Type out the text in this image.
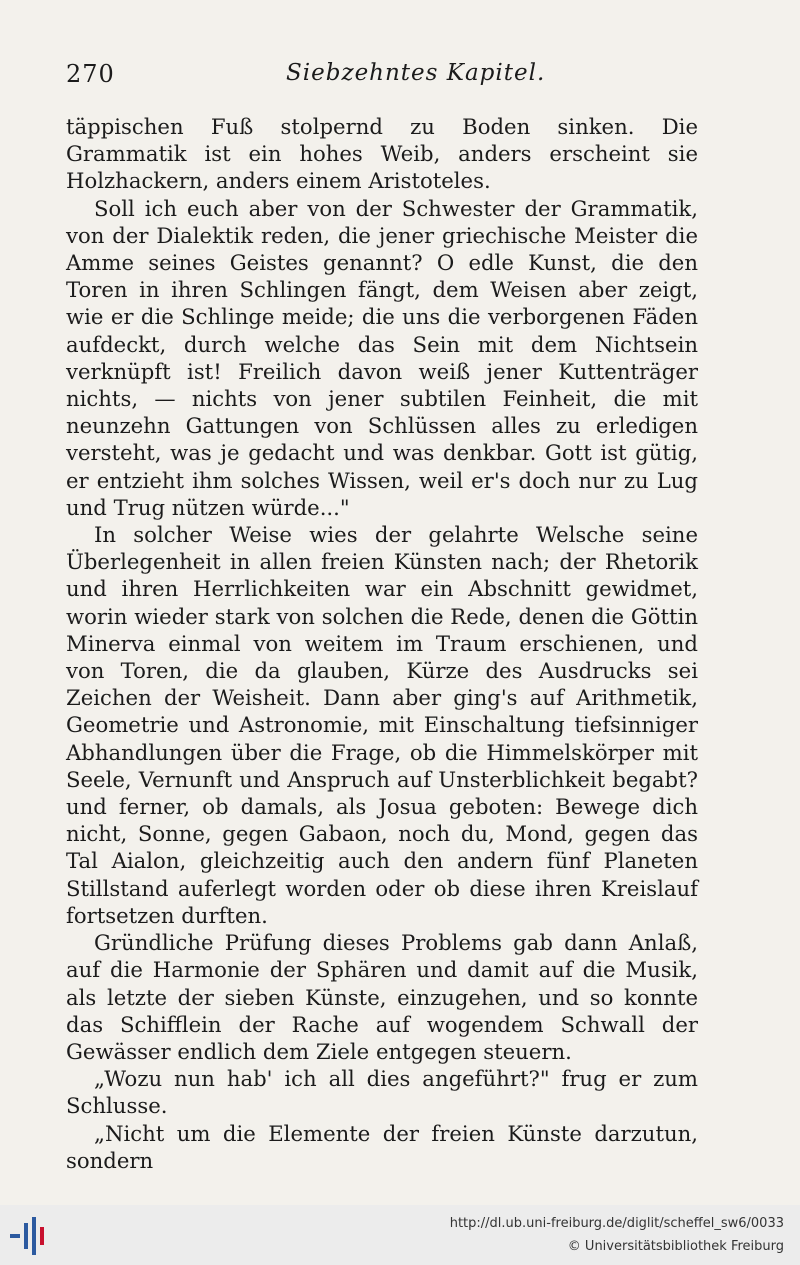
270	Siebzehntes Kapitel.

täppischen Fuß stolpernd zu Boden sinken. Die Grammatik ist ein hohes Weib, anders erscheint sie Holzhackern, anders einem Aristoteles.

Soll ich euch aber von der Schwester der Grammatik, von der Dialektik reden, die jener griechische Meister die Amme seines Geistes genannt? O edle Kunst, die den Toren in ihren Schlingen fängt, dem Weisen aber zeigt, wie er die Schlinge meide; die uns die verborgenen Fäden aufdeckt, durch welche das Sein mit dem Nichtsein verknüpft ist! Freilich davon weiß jener Kuttenträger nichts, — nichts von jener subtilen Feinheit, die mit neunzehn Gattungen von Schlüssen alles zu erledigen versteht, was je gedacht und was denkbar. Gott ist gütig, er entzieht ihm solches Wissen, weil er's doch nur zu Lug und Trug nützen würde..."

In solcher Weise wies der gelahrte Welsche seine Überlegenheit in allen freien Künsten nach; der Rhetorik und ihren Herrlichkeiten war ein Abschnitt gewidmet, worin wieder stark von solchen die Rede, denen die Göttin Minerva einmal von weitem im Traum erschienen, und von Toren, die da glauben, Kürze des Ausdrucks sei Zeichen der Weisheit. Dann aber ging's auf Arithmetik, Geometrie und Astronomie, mit Einschaltung tiefsinniger Abhandlungen über die Frage, ob die Himmelskörper mit Seele, Vernunft und Anspruch auf Unsterblichkeit begabt? und ferner, ob damals, als Josua geboten: Bewege dich nicht, Sonne, gegen Gabaon, noch du, Mond, gegen das Tal Aialon, gleichzeitig auch den andern fünf Planeten Stillstand auferlegt worden oder ob diese ihren Kreislauf fortsetzen durften.

Gründliche Prüfung dieses Problems gab dann Anlaß, auf die Harmonie der Sphären und damit auf die Musik, als letzte der sieben Künste, einzugehen, und so konnte das Schifflein der Rache auf wogendem Schwall der Gewässer endlich dem Ziele entgegen steuern.

„Wozu nun hab' ich all dies angeführt?" frug er zum Schlusse.

„Nicht um die Elemente der freien Künste darzutun, sondern

http://dl.ub.uni-freiburg.de/diglit/scheffel_sw6/0033
© Universitätsbibliothek Freiburg
